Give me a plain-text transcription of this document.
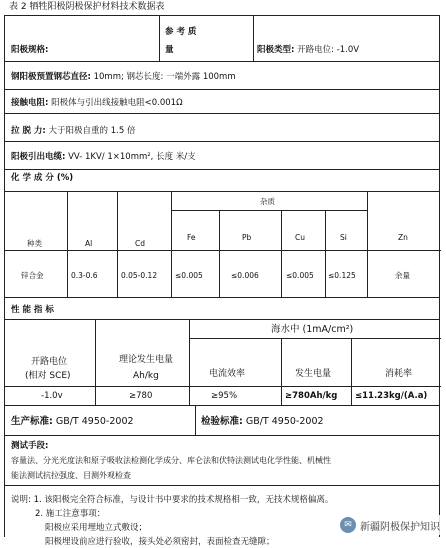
表 2 牺牲阳极阴极保护材料技术数据表
阳极规格:
参 考 质
量	阳极类型: 开路电位: -1.0V
钢阳极预置钢芯直径: 10mm; 钢芯长度: 一端外露 100mm
接触电阻: 阳极体与引出线接触电阻<0.001Ω
拉 脱 力: 大于阳极自重的 1.5 倍
阳极引出电缆: VV- 1KV/ 1×10mm², 长度 米/支
化 学 成 分 (%)
种类	Al	Cd
杂质
Fe	Pb	Cu	Si	Zn
锌合金	0.3-0.6	0.05-0.12 ≤0.005	≤0.006	≤0.005 ≤0.125	余量
性 能 指 标
海水中 (1mA/cm²)
开路电位
(相对 SCE)
理论发生电量
Ah/kg	电流效率	发生电量	消耗率
-1.0v	≥780	≥95%	≥780Ah/kg ≤11.23kg/(A.a)
生产标准: GB/T 4950-2002	检验标准: GB/T 4950-2002
测试手段:
容量法、分光光度法和原子吸收法检测化学成分、库仑法和伏特法测试电化学性能、机械性
能法测试抗拉强度、目测外观检查
说明: 1. 该阳极完全符合标准，与设计书中要求的技术规格相一致，无技术规格偏离。
2. 施工注意事项：
阳极应采用埋地立式敷设；
阳极埋设前应进行验收，接头处必须密封，表面检查无缝隙；
✉ 新疆阴极保护知识
